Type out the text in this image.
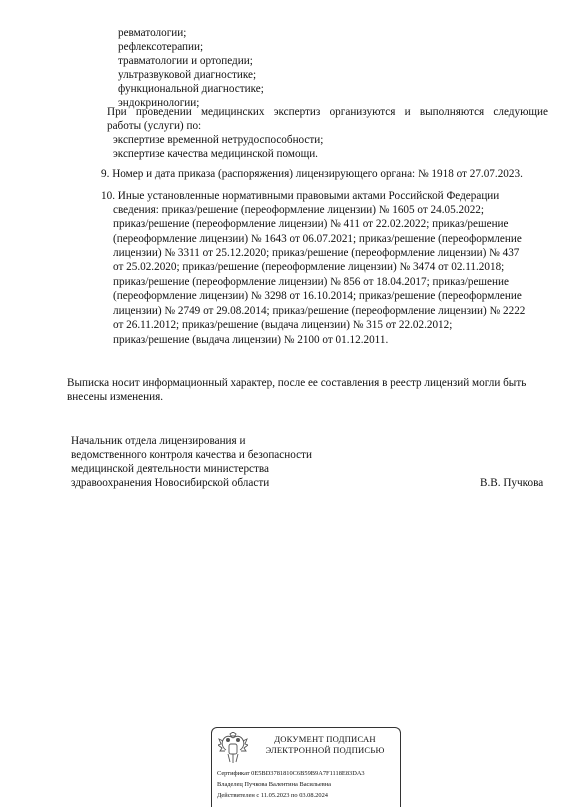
ревматологии;
рефлексотерапии;
травматологии и ортопедии;
ультразвуковой диагностике;
функциональной диагностике;
эндокринологии;
При проведении медицинских экспертиз организуются и выполняются следующие
работы (услуги) по:
экспертизе временной нетрудоспособности;
экспертизе качества медицинской помощи.
9. Номер и дата приказа (распоряжения) лицензирующего органа: № 1918 от 27.07.2023.
10. Иные установленные нормативными правовыми актами Российской Федерации
сведения: приказ/решение (переоформление лицензии) № 1605 от 24.05.2022;
приказ/решение (переоформление лицензии) № 411 от 22.02.2022; приказ/решение
(переоформление лицензии) № 1643 от 06.07.2021; приказ/решение (переоформление
лицензии) № 3311 от 25.12.2020; приказ/решение (переоформление лицензии) № 437
от 25.02.2020; приказ/решение (переоформление лицензии) № 3474 от 02.11.2018;
приказ/решение (переоформление лицензии) № 856 от 18.04.2017; приказ/решение
(переоформление лицензии) № 3298 от 16.10.2014; приказ/решение (переоформление
лицензии) № 2749 от 29.08.2014; приказ/решение (переоформление лицензии) № 2222
от 26.11.2012; приказ/решение (выдача лицензии) № 315 от 22.02.2012;
приказ/решение (выдача лицензии) № 2100 от 01.12.2011.
Выписка носит информационный характер, после ее составления в реестр лицензий могли быть
внесены изменения.
Начальник отдела лицензирования и
ведомственного контроля качества и безопасности
медицинской деятельности министерства
здравоохранения Новосибирской области	В.В. Пучкова
ДОКУМЕНТ ПОДПИСАН
ЭЛЕКТРОННОЙ ПОДПИСЬЮ
Сертификат 0E5BD3781810C6B59B9A7F1118E83DA3
Владелец Пучкова Валентина Васильевна
Действителен с 11.05.2023 по 03.08.2024
